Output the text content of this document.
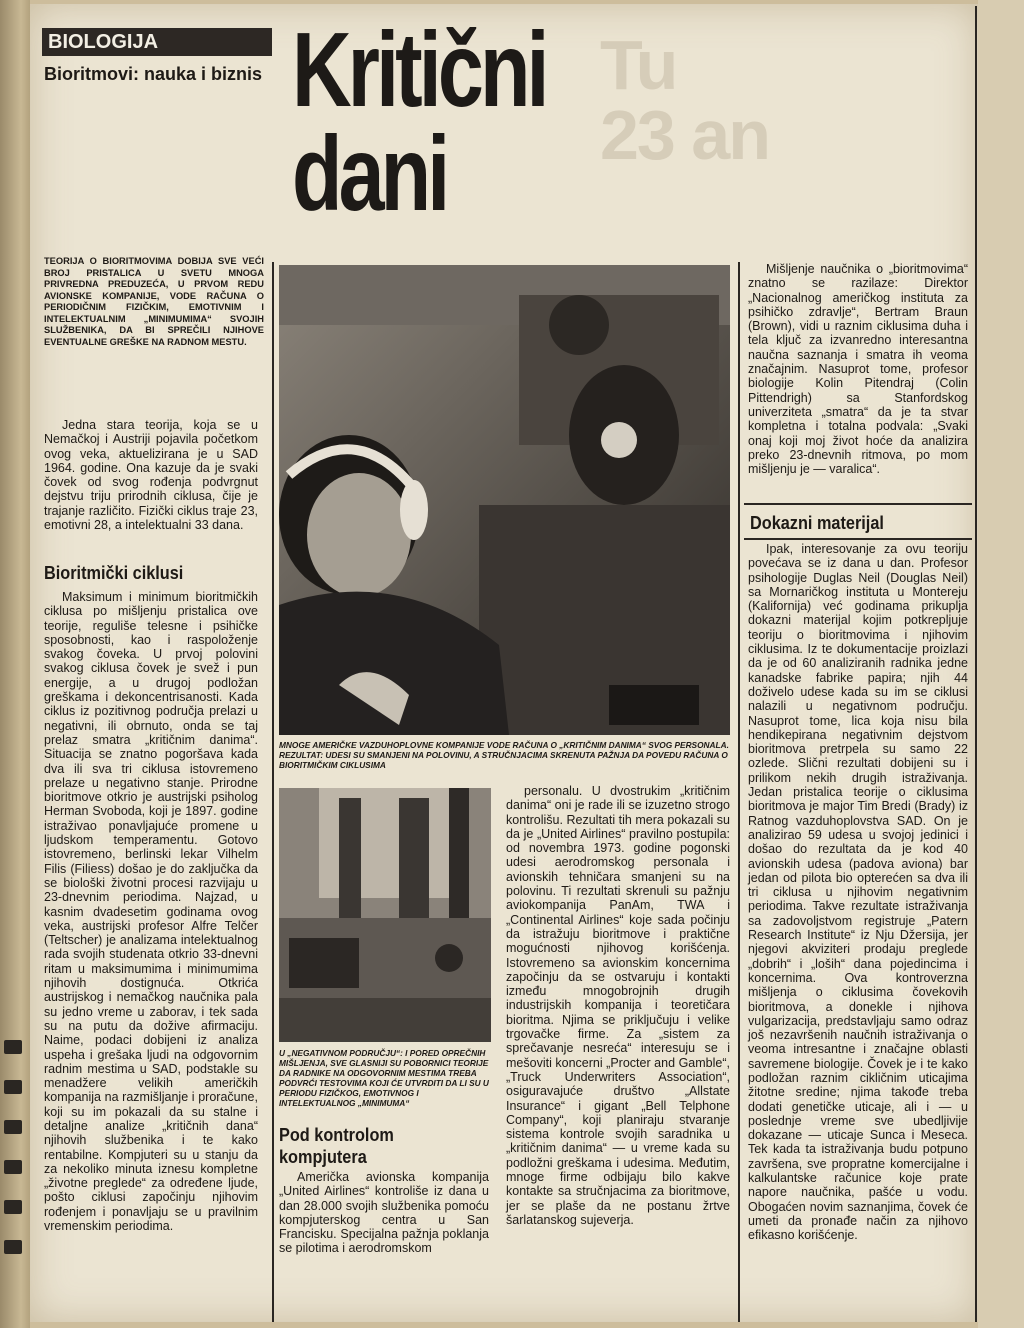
Tu
23 an
BIOLOGIJA
Bioritmovi: nauka i biznis Kritični
dani
TEORIJA O BIORITMOVIMA DOBIJA SVE VEĆI BROJ PRISTALICA U SVETU MNOGA PRIVREDNA PREDUZEĆA, U PRVOM REDU AVIONSKE KOMPANIJE, VODE RAČUNA O PERIODIČNIM FIZIČKIM, EMOTIVNIM I INTELEKTUALNIM „MINIMUMIMA“ SVOJIH SLUŽBENIKA, DA BI SPREČILI NJIHOVE EVENTUALNE GREŠKE NA RADNOM MESTU.
Jedna stara teorija, koja se u Nemačkoj i Austriji pojavila početkom ovog veka, aktuelizirana je u SAD 1964. godine. Ona kazuje da je svaki čovek od svog rođenja podvrgnut dejstvu triju prirodnih ciklusa, čije je trajanje različito. Fizički ciklus traje 23, emotivni 28, a intelektualni 33 dana.
Bioritmički ciklusi
Maksimum i minimum bioritmičkih ciklusa po mišljenju pristalica ove teorije, reguliše telesne i psihičke sposobnosti, kao i raspoloženje svakog čoveka. U prvoj polovini svakog ciklusa čovek je svež i pun energije, a u drugoj podložan greškama i dekoncentrisanosti. Kada ciklus iz pozitivnog područja prelazi u negativni, ili obrnuto, onda se taj prelaz smatra „kritičnim danima“. Situacija se znatno pogoršava kada dva ili sva tri ciklusa istovremeno prelaze u negativno stanje. Prirodne bioritmove otkrio je austrijski psiholog Herman Svoboda, koji je 1897. godine istraživao ponavljajuće promene u ljudskom temperamentu. Gotovo istovremeno, berlinski lekar Vilhelm Filis (Filiess) došao je do zaključka da se biološki životni procesi razvijaju u 23-dnevnim periodima. Najzad, u kasnim dvadesetim godinama ovog veka, austrijski profesor Alfre Telčer (Teltscher) je analizama intelektualnog rada svojih studenata otkrio 33-dnevni ritam u maksimumima i minimumima njihovih dostignuća. Otkrića austrijskog i nemačkog naučnika pala su jedno vreme u zaborav, i tek sada su na putu da dožive afirmaciju. Naime, podaci dobijeni iz analiza uspeha i grešaka ljudi na odgovornim radnim mestima u SAD, podstakle su menadžere velikih američkih kompanija na razmišljanje i proračune, koji su im pokazali da su stalne i detaljne analize „kritičnih dana“ njihovih službenika i te kako rentabilne. Kompjuteri su u stanju da za nekoliko minuta iznesu kompletne „životne preglede“ za određene ljude, pošto ciklusi započinju njihovim rođenjem i ponavljaju se u pravilnim vremenskim periodima.
MNOGE AMERIČKE VAZDUHOPLOVNE KOMPANIJE VODE RAČUNA O „KRITIČNIM DANIMA“ SVOG PERSONALA. REZULTAT: UDESI SU SMANJENI NA POLOVINU, A STRUČNJACIMA SKRENUTA PAŽNJA DA POVEDU RAČUNA O BIORITMIČKIM CIKLUSIMA
U „NEGATIVNOM PODRUČJU“: I PORED OPREČNIH MIŠLJENJA, SVE GLASNIJI SU POBORNICI TEORIJE DA RADNIKE NA ODGOVORNIM MESTIMA TREBA PODVRĆI TESTOVIMA KOJI ĆE UTVRDITI DA LI SU U PERIODU FIZIČKOG, EMOTIVNOG I INTELEKTUALNOG „MINIMUMA“
Pod kontrolom kompjutera
Američka avionska kompanija „United Airlines“ kontroliše iz dana u dan 28.000 svojih službenika pomoću kompjuterskog centra u San Francisku. Specijalna pažnja poklanja se pilotima i aerodromskom
personalu. U dvostrukim „kritičnim danima“ oni je rade ili se izuzetno strogo kontrolišu. Rezultati tih mera pokazali su da je „United Airlines“ pravilno postupila: od novembra 1973. godine pogonski udesi aerodromskog personala i avionskih tehničara smanjeni su na polovinu. Ti rezultati skrenuli su pažnju aviokompanija PanAm, TWA i „Continental Airlines“ koje sada počinju da istražuju bioritmove i praktične mogućnosti njihovog korišćenja. Istovremeno sa avionskim koncernima započinju da se ostvaruju i kontakti između mnogobrojnih drugih industrijskih kompanija i teoretičara bioritma. Njima se priključuju i velike trgovačke firme. Za „sistem za sprečavanje nesreća“ interesuju se i mešoviti koncerni „Procter and Gamble“, „Truck Underwriters Association“, osiguravajuće društvo „Allstate Insurance“ i gigant „Bell Telphone Company“, koji planiraju stvaranje sistema kontrole svojih saradnika u „kritičnim danima“ — u vreme kada su podložni greškama i udesima. Međutim, mnoge firme odbijaju bilo kakve kontakte sa stručnjacima za bioritmove, jer se plaše da ne postanu žrtve šarlatanskog sujeverja.
Mišljenje naučnika o „bioritmovima“ znatno se razilaze: Direktor „Nacionalnog američkog instituta za psihičko zdravlje“, Bertram Braun (Brown), vidi u raznim ciklusima duha i tela ključ za izvanredno interesantna naučna saznanja i smatra ih veoma značajnim. Nasuprot tome, profesor biologije Kolin Pitendraj (Colin Pittendrigh) sa Stanfordskog univerziteta „smatra“ da je ta stvar kompletna i totalna podvala: „Svaki onaj koji moj život hoće da analizira preko 23-dnevnih ritmova, po mom mišljenju je — varalica“.
Dokazni materijal
Ipak, interesovanje za ovu teoriju povećava se iz dana u dan. Profesor psihologije Duglas Neil (Douglas Neil) sa Mornaričkog instituta u Montereju (Kalifornija) već godinama prikuplja dokazni materijal kojim potkrepljuje teoriju o bioritmovima i njihovim ciklusima. Iz te dokumentacije proizlazi da je od 60 analiziranih radnika jedne kanadske fabrike papira; njih 44 doživelo udese kada su im se ciklusi nalazili u negativnom području. Nasuprot tome, lica koja nisu bila hendikepirana negativnim dejstvom bioritmova pretrpela su samo 22 ozlede. Slični rezultati dobijeni su i prilikom nekih drugih istraživanja. Jedan pristalica teorije o ciklusima bioritmova je major Tim Bredi (Brady) iz Ratnog vazduhoplovstva SAD. On je analizirao 59 udesa u svojoj jedinici i došao do rezultata da je kod 40 avionskih udesa (padova aviona) bar jedan od pilota bio opterećen sa dva ili tri ciklusa u njihovim negativnim periodima. Takve rezultate istraživanja sa zadovoljstvom registruje „Patern Research Institute“ iz Nju Džersija, jer njegovi akviziteri prodaju preglede „dobrih“ i „loših“ dana pojedincima i koncernima. Ova kontroverzna mišljenja o ciklusima čovekovih bioritmova, a donekle i njihova vulgarizacija, predstavljaju samo odraz još nezavršenih naučnih istraživanja o veoma intresantne i značajne oblasti savremene biologije. Čovek je i te kako podložan raznim cikličnim uticajima žitotne sredine; njima takođe treba dodati genetičke uticaje, ali i — u poslednje vreme sve ubedljivije dokazane — uticaje Sunca i Meseca. Tek kada ta istraživanja budu potpuno završena, sve propratne komercijalne i kalkulantske računice koje prate napore naučnika, pašće u vodu. Obogaćen novim saznanjima, čovek će umeti da pronađe način za njihovo efikasno korišćenje.
